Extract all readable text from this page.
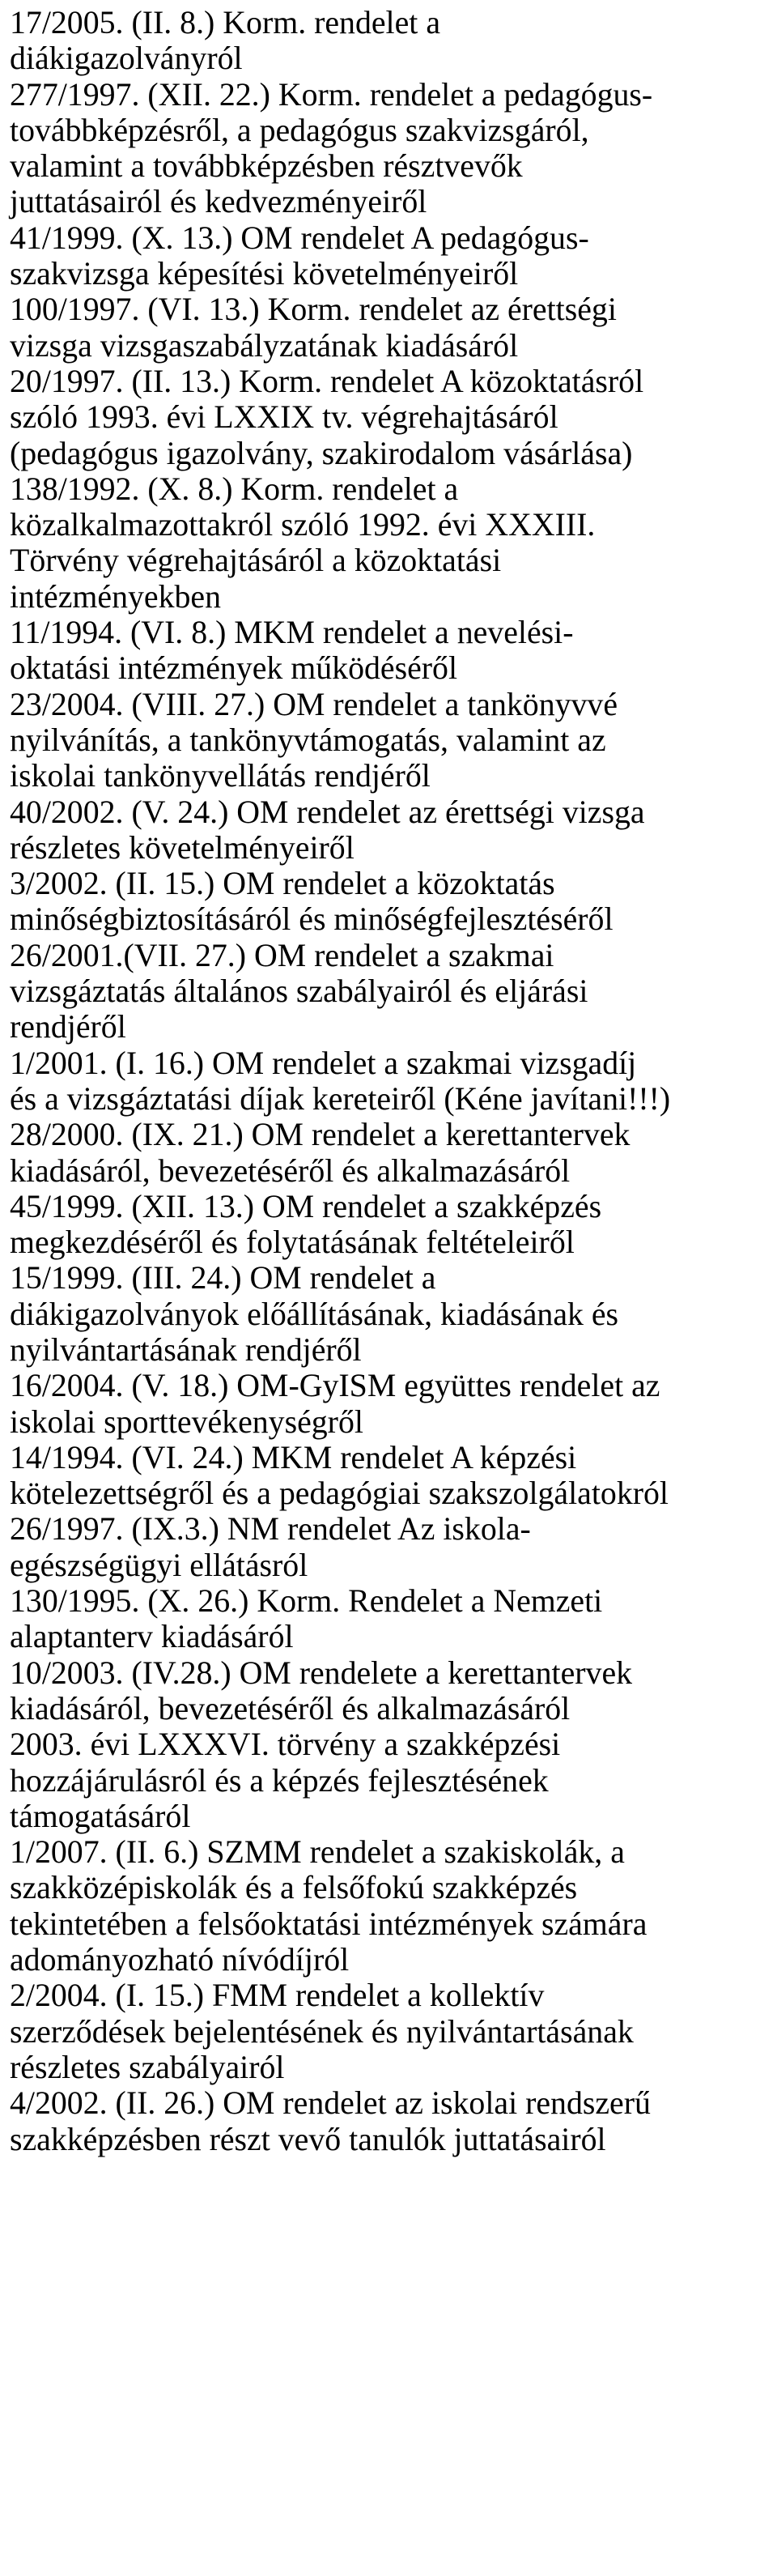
17/2005. (II. 8.) Korm. rendelet a
diákigazolványról
277/1997. (XII. 22.) Korm. rendelet a pedagógus-
továbbképzésről, a pedagógus szakvizsgáról,
valamint a továbbképzésben résztvevők
juttatásairól és kedvezményeiről
41/1999. (X. 13.) OM rendelet A pedagógus-
szakvizsga képesítési követelményeiről
100/1997. (VI. 13.) Korm. rendelet az érettségi
vizsga vizsgaszabályzatának kiadásáról
20/1997. (II. 13.) Korm. rendelet A közoktatásról
szóló 1993. évi LXXIX tv. végrehajtásáról
(pedagógus igazolvány, szakirodalom vásárlása)
138/1992. (X. 8.) Korm. rendelet a
közalkalmazottakról szóló 1992. évi XXXIII.
Törvény végrehajtásáról a közoktatási
intézményekben
11/1994. (VI. 8.) MKM rendelet a nevelési-
oktatási intézmények működéséről
23/2004. (VIII. 27.) OM rendelet a tankönyvvé
nyilvánítás, a tankönyvtámogatás, valamint az
iskolai tankönyvellátás rendjéről
40/2002. (V. 24.) OM rendelet az érettségi vizsga
részletes követelményeiről
3/2002. (II. 15.) OM rendelet a közoktatás
minőségbiztosításáról és minőségfejlesztéséről
26/2001.(VII. 27.) OM rendelet a szakmai
vizsgáztatás általános szabályairól és eljárási
rendjéről
1/2001. (I. 16.) OM rendelet a szakmai vizsgadíj
és a vizsgáztatási díjak kereteiről (Kéne javítani!!!)
28/2000. (IX. 21.) OM rendelet a kerettantervek
kiadásáról, bevezetéséről és alkalmazásáról
45/1999. (XII. 13.) OM rendelet a szakképzés
megkezdéséről és folytatásának feltételeiről
15/1999. (III. 24.) OM rendelet a
diákigazolványok előállításának, kiadásának és
nyilvántartásának rendjéről
16/2004. (V. 18.) OM-GyISM együttes rendelet az
iskolai sporttevékenységről
14/1994. (VI. 24.) MKM rendelet A képzési
kötelezettségről és a pedagógiai szakszolgálatokról
26/1997. (IX.3.) NM rendelet Az iskola-
egészségügyi ellátásról
130/1995. (X. 26.) Korm. Rendelet a Nemzeti
alaptanterv kiadásáról
10/2003. (IV.28.) OM rendelete a kerettantervek
kiadásáról, bevezetéséről és alkalmazásáról
2003. évi LXXXVI. törvény a szakképzési
hozzájárulásról és a képzés fejlesztésének
támogatásáról
1/2007. (II. 6.) SZMM rendelet a szakiskolák, a
szakközépiskolák és a felsőfokú szakképzés
tekintetében a felsőoktatási intézmények számára
adományozható nívódíjról
2/2004. (I. 15.) FMM rendelet a kollektív
szerződések bejelentésének és nyilvántartásának
részletes szabályairól
4/2002. (II. 26.) OM rendelet az iskolai rendszerű
szakképzésben részt vevő tanulók juttatásairól
